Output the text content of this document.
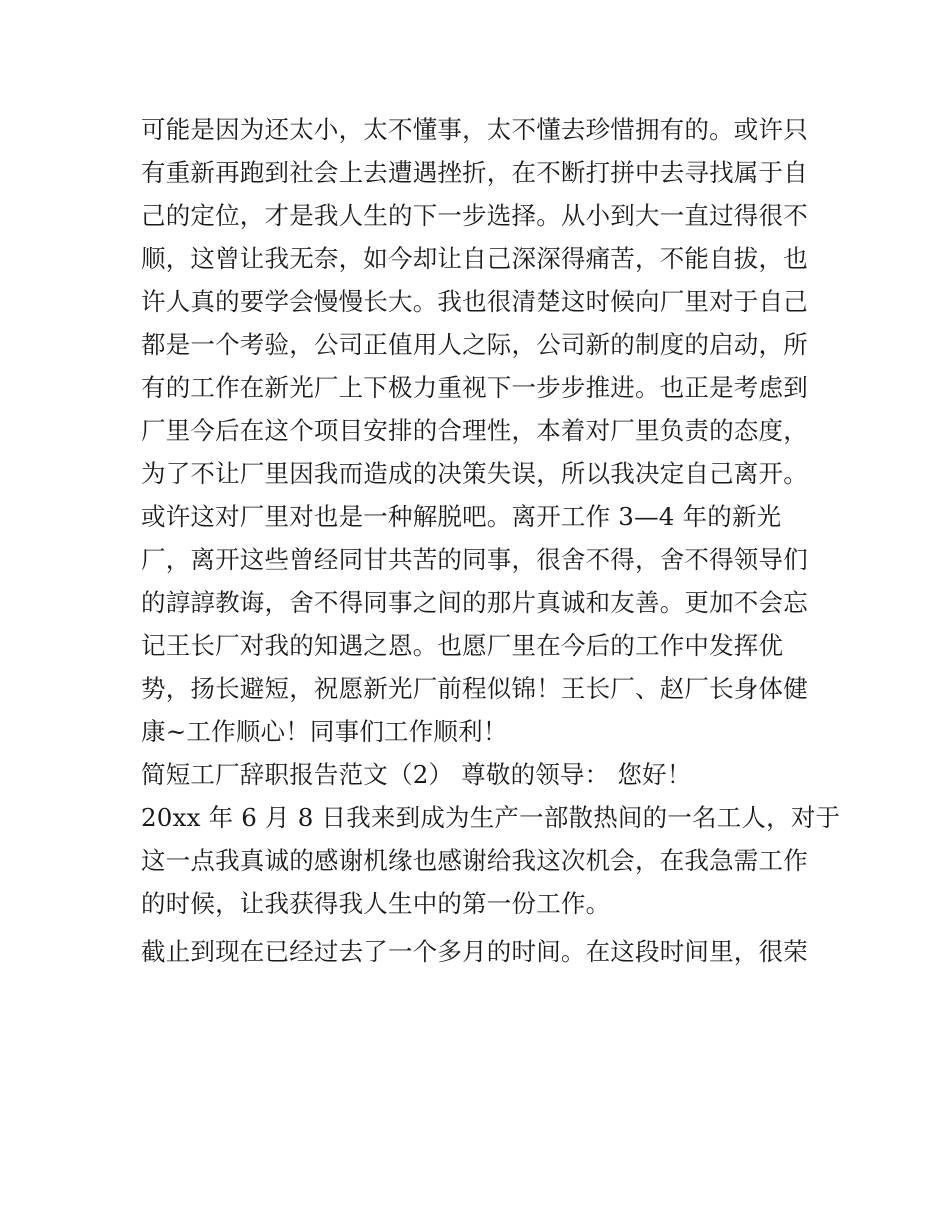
可能是因为还太小，太不懂事，太不懂去珍惜拥有的。或许只
有重新再跑到社会上去遭遇挫折，在不断打拼中去寻找属于自
己的定位，才是我人生的下一步选择。从小到大一直过得很不
顺，这曾让我无奈，如今却让自己深深得痛苦，不能自拔，也
许人真的要学会慢慢长大。我也很清楚这时候向厂里对于自己
都是一个考验，公司正值用人之际，公司新的制度的启动，所
有的工作在新光厂上下极力重视下一步步推进。也正是考虑到
厂里今后在这个项目安排的合理性，本着对厂里负责的态度，
为了不让厂里因我而造成的决策失误，所以我决定自己离开。
或许这对厂里对也是一种解脱吧。离开工作 3—4 年的新光
厂，离开这些曾经同甘共苦的同事，很舍不得，舍不得领导们
的諄諄教诲，舍不得同事之间的那片真诚和友善。更加不会忘
记王长厂对我的知遇之恩。也愿厂里在今后的工作中发挥优
势，扬长避短，祝愿新光厂前程似锦！王长厂、赵厂长身体健
康~工作顺心！同事们工作顺利！
简短工厂辞职报告范文（2） 尊敬的领导： 您好！
20xx 年 6 月 8 日我来到成为生产一部散热间的一名工人，对于
这一点我真诚的感谢机缘也感谢给我这次机会，在我急需工作
的时候，让我获得我人生中的第一份工作。
截止到现在已经过去了一个多月的时间。在这段时间里，很荣
